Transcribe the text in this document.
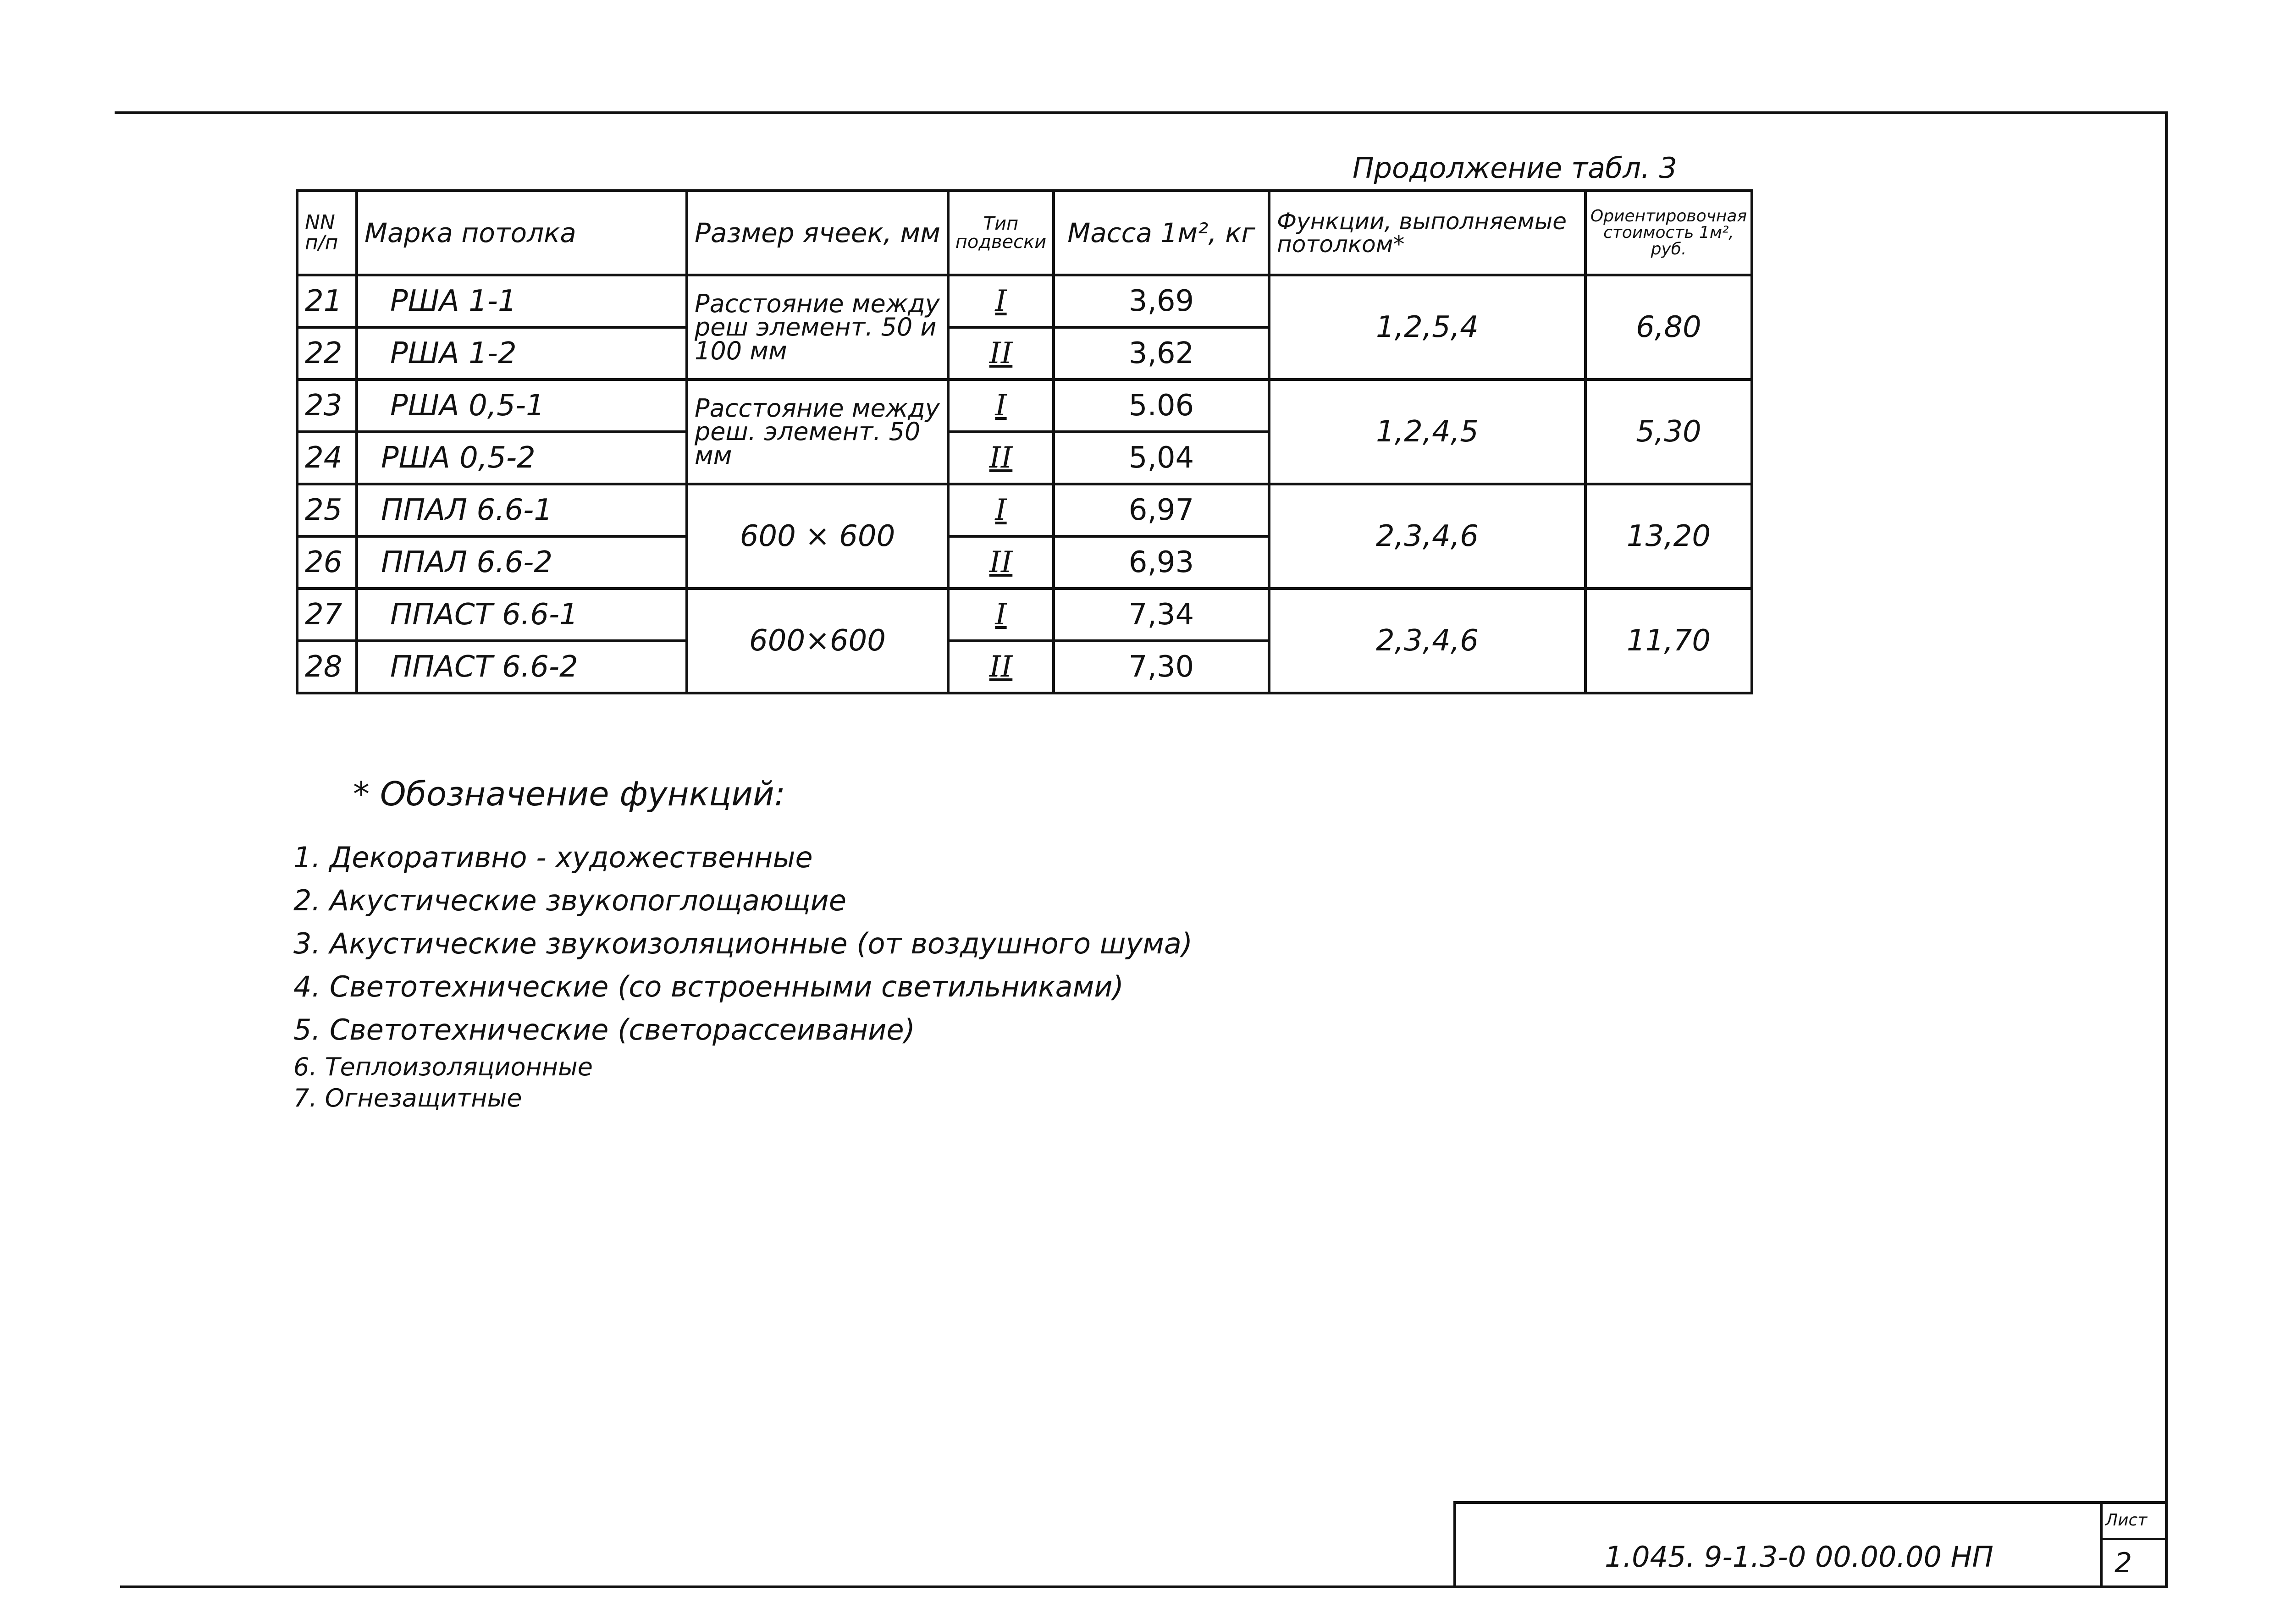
Продолжение табл. 3
NN п/п	Марка потолка	Размер ячеек, мм	Тип подвески	Масса 1м², кг	Функции, выполняемые потолком*	Ориентировочная стоимость 1м², руб.
21	РША 1-1	Расстояние между реш элемент. 50 и 100 мм	I	3,69	1,2,5,4	6,80
22	РША 1-2		II	3,62		
23	РША 0,5-1	Расстояние между реш. элемент. 50 мм	I	5.06	1,2,4,5	5,30
24	РША 0,5-2		II	5,04		
25	ППАЛ 6.6-1	600 × 600	I	6,97	2,3,4,6	13,20
26	ППАЛ 6.6-2		II	6,93		
27	ППАСТ 6.6-1	600×600	I	7,34	2,3,4,6	11,70
28	ППАСТ 6.6-2		II	7,30		
* Обозначение функций:
1. Декоративно - художественные
2. Акустические звукопоглощающие
3. Акустические звукоизоляционные (от воздушного шума)
4. Светотехнические (со встроенными светильниками)
5. Светотехнические (светорассеивание)
6. Теплоизоляционные
7. Огнезащитные
1.045. 9-1.3-0 00.00.00 НП
Лист
2
